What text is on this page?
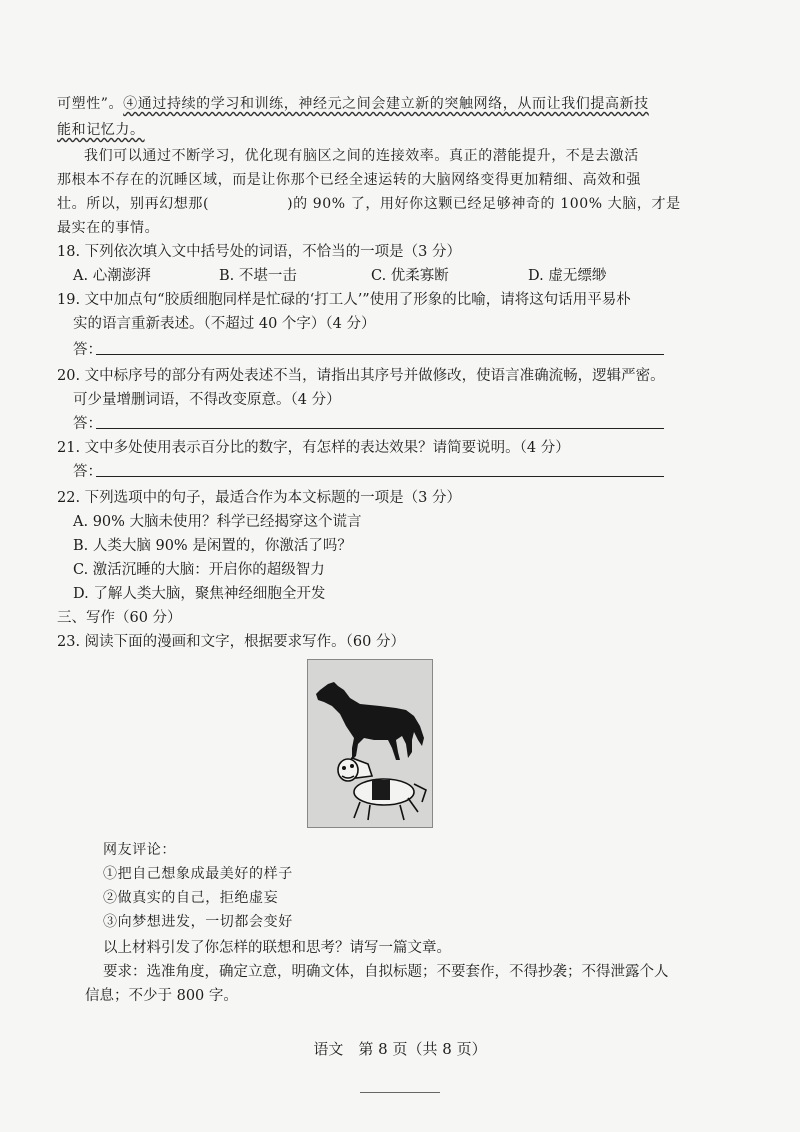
可塑性”。④通过持续的学习和训练，神经元之间会建立新的突触网络，从而让我们提高新技
能和记忆力。
我们可以通过不断学习，优化现有脑区之间的连接效率。真正的潜能提升，不是去激活
那根本不存在的沉睡区域，而是让你那个已经全速运转的大脑网络变得更加精细、高效和强
壮。所以，别再幻想那(	)的 90% 了，用好你这颗已经足够神奇的 100% 大脑，才是
最实在的事情。
18. 下列依次填入文中括号处的词语，不恰当的一项是（3 分）
A. 心潮澎湃	B. 不堪一击	C. 优柔寡断	D. 虚无缥缈
19. 文中加点句“胶质细胞同样是忙碌的‘打工人’”使用了形象的比喻，请将这句话用平易朴
实的语言重新表述。（不超过 40 个字）（4 分）
答：
20. 文中标序号的部分有两处表述不当，请指出其序号并做修改，使语言准确流畅，逻辑严密。
可少量增删词语，不得改变原意。（4 分）
答：
21. 文中多处使用表示百分比的数字，有怎样的表达效果？请简要说明。（4 分）
答：
22. 下列选项中的句子，最适合作为本文标题的一项是（3 分）
A. 90% 大脑未使用？科学已经揭穿这个谎言
B. 人类大脑 90% 是闲置的，你激活了吗？
C. 激活沉睡的大脑：开启你的超级智力
D. 了解人类大脑，聚焦神经细胞全开发
三、写作（60 分）
23. 阅读下面的漫画和文字，根据要求写作。（60 分）
网友评论：
①把自己想象成最美好的样子
②做真实的自己，拒绝虚妄
③向梦想进发，一切都会变好
以上材料引发了你怎样的联想和思考？请写一篇文章。
要求：选准角度，确定立意，明确文体，自拟标题；不要套作，不得抄袭；不得泄露个人
信息；不少于 800 字。
语文　第 8 页（共 8 页）
